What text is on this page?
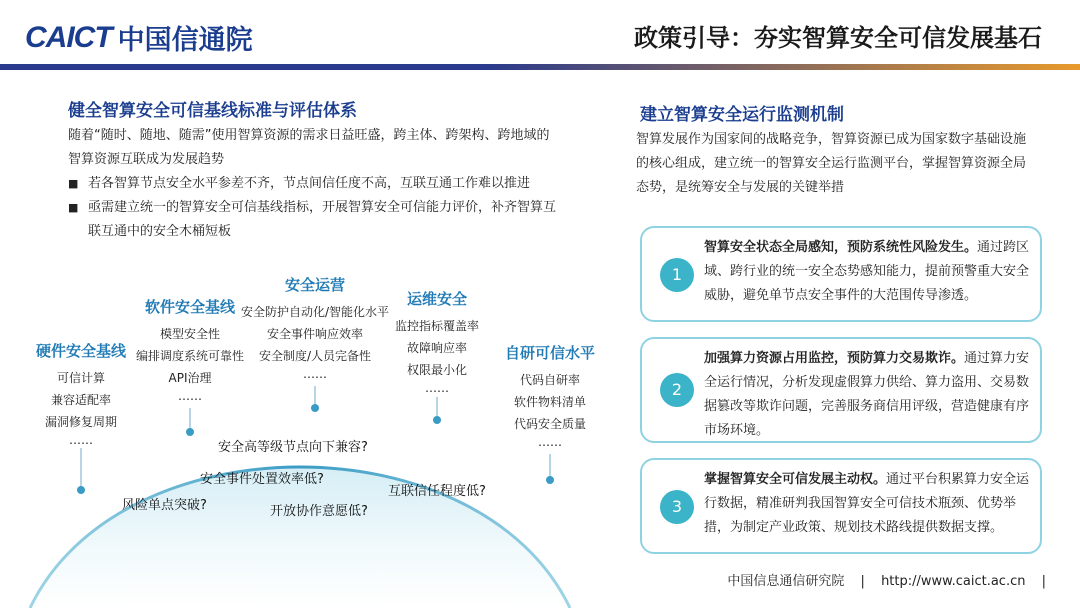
CAICT 中国信通院	政策引导：夯实智算安全可信发展基石
健全智算安全可信基线标准与评估体系
随着“随时、随地、随需”使用智算资源的需求日益旺盛，跨主体、跨架构、跨地域的智算资源互联成为发展趋势
■ 若各智算节点安全水平参差不齐，节点间信任度不高，互联互通工作难以推进
■ 亟需建立统一的智算安全可信基线指标，开展智算安全可信能力评价，补齐智算互联互通中的安全木桶短板
硬件安全基线
可信计算
兼容适配率
漏洞修复周期
……
软件安全基线
模型安全性
编排调度系统可靠性
API治理
……
安全运营
安全防护自动化/智能化水平
安全事件响应效率
安全制度/人员完备性
……
运维安全
监控指标覆盖率
故障响应率
权限最小化
……
自研可信水平
代码自研率
软件物料清单
代码安全质量
……
安全高等级节点向下兼容?
安全事件处置效率低?
风险单点突破?	开放协作意愿低?
互联信任程度低?
建立智算安全运行监测机制
智算发展作为国家间的战略竞争，智算资源已成为国家数字基础设施的核心组成，建立统一的智算安全运行监测平台，掌握智算资源全局态势，是统筹安全与发展的关键举措
1
智算安全状态全局感知，预防系统性风险发生。通过跨区域、跨行业的统一安全态势感知能力，提前预警重大安全威胁，避免单节点安全事件的大范围传导渗透。
2
加强算力资源占用监控，预防算力交易欺诈。通过算力安全运行情况，分析发现虚假算力供给、算力盗用、交易数据篡改等欺诈问题，完善服务商信用评级，营造健康有序市场环境。
3
掌握智算安全可信发展主动权。通过平台积累算力安全运行数据，精准研判我国智算安全可信技术瓶颈、优势举措，为制定产业政策、规划技术路线提供数据支撑。
中国信息通信研究院 | http://www.caict.ac.cn |
